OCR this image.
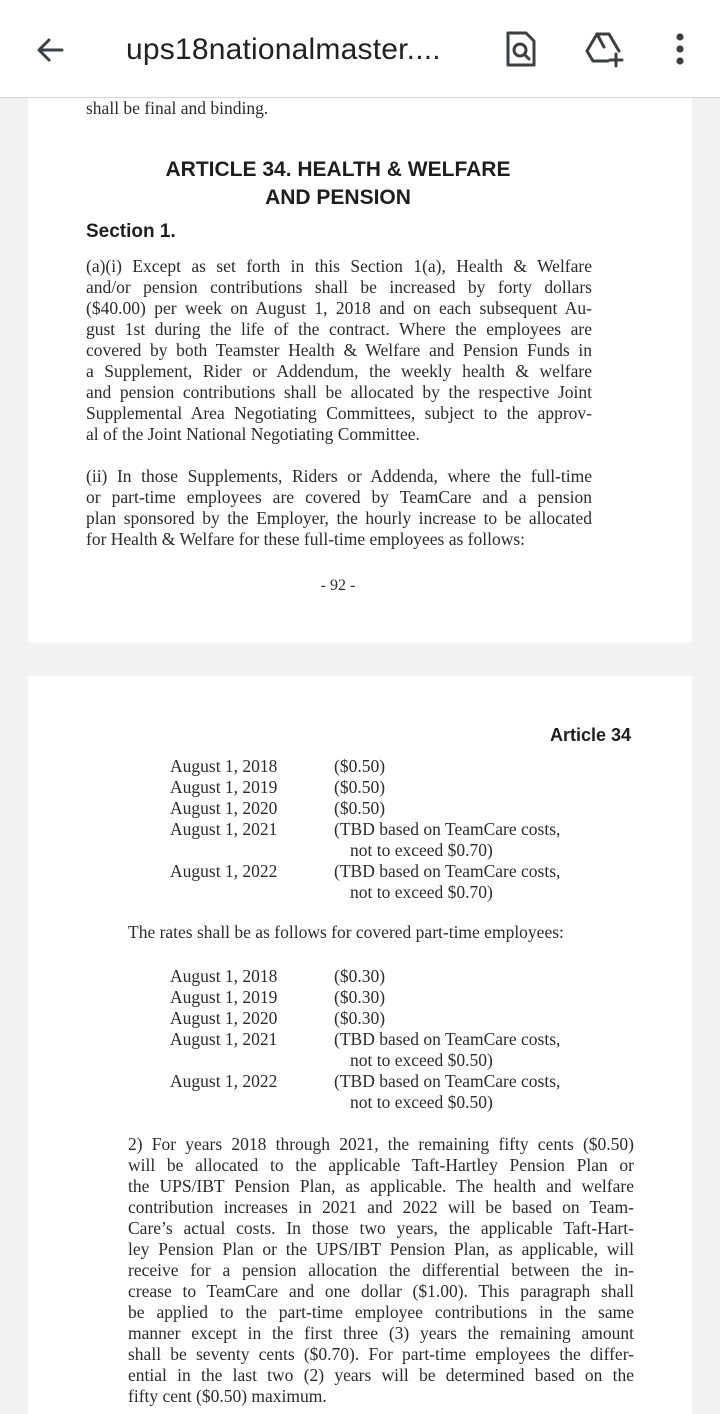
ups18nationalmaster....
shall be final and binding.
ARTICLE 34. HEALTH & WELFARE
AND PENSION
Section 1.
(a)(i) Except as set forth in this Section 1(a), Health & Welfare
and/or pension contributions shall be increased by forty dollars
($40.00) per week on August 1, 2018 and on each subsequent Au-
gust 1st during the life of the contract. Where the employees are
covered by both Teamster Health & Welfare and Pension Funds in
a Supplement, Rider or Addendum, the weekly health & welfare
and pension contributions shall be allocated by the respective Joint
Supplemental Area Negotiating Committees, subject to the approv-
al of the Joint National Negotiating Committee.
(ii) In those Supplements, Riders or Addenda, where the full-time
or part-time employees are covered by TeamCare and a pension
plan sponsored by the Employer, the hourly increase to be allocated
for Health & Welfare for these full-time employees as follows:
- 92 -
Article 34
August 1, 2018	($0.50)
August 1, 2019	($0.50)
August 1, 2020	($0.50)
August 1, 2021	(TBD based on TeamCare costs,
not to exceed $0.70)
August 1, 2022	(TBD based on TeamCare costs,
not to exceed $0.70)
The rates shall be as follows for covered part-time employees:
August 1, 2018	($0.30)
August 1, 2019	($0.30)
August 1, 2020	($0.30)
August 1, 2021	(TBD based on TeamCare costs,
not to exceed $0.50)
August 1, 2022	(TBD based on TeamCare costs,
not to exceed $0.50)
2) For years 2018 through 2021, the remaining fifty cents ($0.50)
will be allocated to the applicable Taft-Hartley Pension Plan or
the UPS/IBT Pension Plan, as applicable. The health and welfare
contribution increases in 2021 and 2022 will be based on Team-
Care’s actual costs. In those two years, the applicable Taft-Hart-
ley Pension Plan or the UPS/IBT Pension Plan, as applicable, will
receive for a pension allocation the differential between the in-
crease to TeamCare and one dollar ($1.00). This paragraph shall
be applied to the part-time employee contributions in the same
manner except in the first three (3) years the remaining amount
shall be seventy cents ($0.70). For part-time employees the differ-
ential in the last two (2) years will be determined based on the
fifty cent ($0.50) maximum.
